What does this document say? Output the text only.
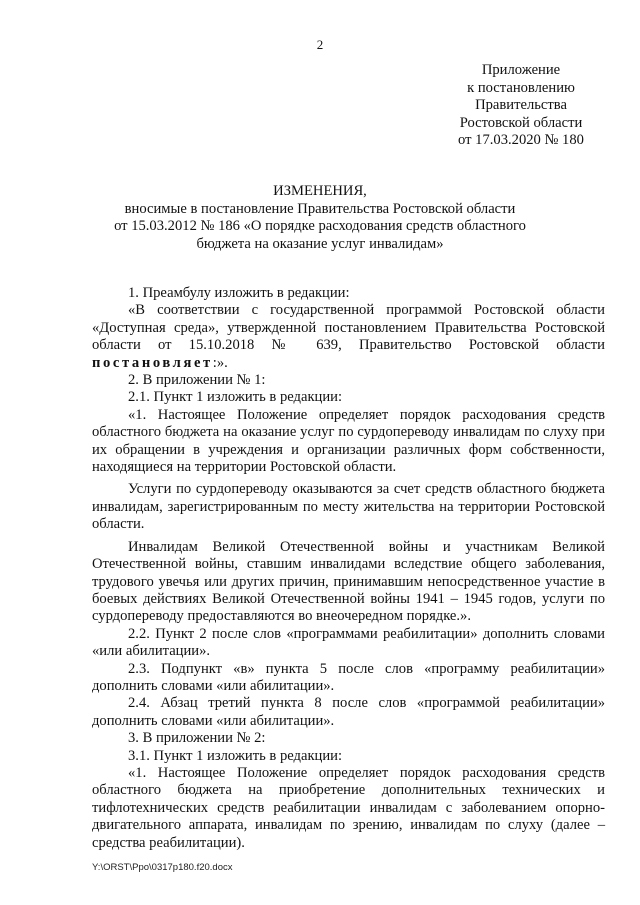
2
Приложение
к постановлению
Правительства
Ростовской области
от 17.03.2020 № 180
ИЗМЕНЕНИЯ,
вносимые в постановление Правительства Ростовской области
от 15.03.2012 № 186 «О порядке расходования средств областного
бюджета на оказание услуг инвалидам»

1. Преамбулу изложить в редакции:

«В соответствии с государственной программой Ростовской области «Доступная среда», утвержденной постановлением Правительства Ростовской области от 15.10.2018 № 639, Правительство Ростовской области постановляет:».

2. В приложении № 1:

2.1. Пункт 1 изложить в редакции:

«1. Настоящее Положение определяет порядок расходования средств областного бюджета на оказание услуг по сурдопереводу инвалидам по слуху при их обращении в учреждения и организации различных форм собственности, находящиеся на территории Ростовской области.

Услуги по сурдопереводу оказываются за счет средств областного бюджета инвалидам, зарегистрированным по месту жительства на территории Ростовской области.

Инвалидам Великой Отечественной войны и участникам Великой Отечественной войны, ставшим инвалидами вследствие общего заболевания, трудового увечья или других причин, принимавшим непосредственное участие в боевых действиях Великой Отечественной войны 1941 – 1945 годов, услуги по сурдопереводу предоставляются во внеочередном порядке.».

2.2. Пункт 2 после слов «программами реабилитации» дополнить словами «или абилитации».

2.3. Подпункт «в» пункта 5 после слов «программу реабилитации» дополнить словами «или абилитации».

2.4. Абзац третий пункта 8 после слов «программой реабилитации» дополнить словами «или абилитации».

3. В приложении № 2:

3.1. Пункт 1 изложить в редакции:

«1. Настоящее Положение определяет порядок расходования средств областного бюджета на приобретение дополнительных технических и тифлотехнических средств реабилитации инвалидам с заболеванием опорно-двигательного аппарата, инвалидам по зрению, инвалидам по слуху (далее – средства реабилитации).

Y:\ORST\Ppo\0317p180.f20.docx
